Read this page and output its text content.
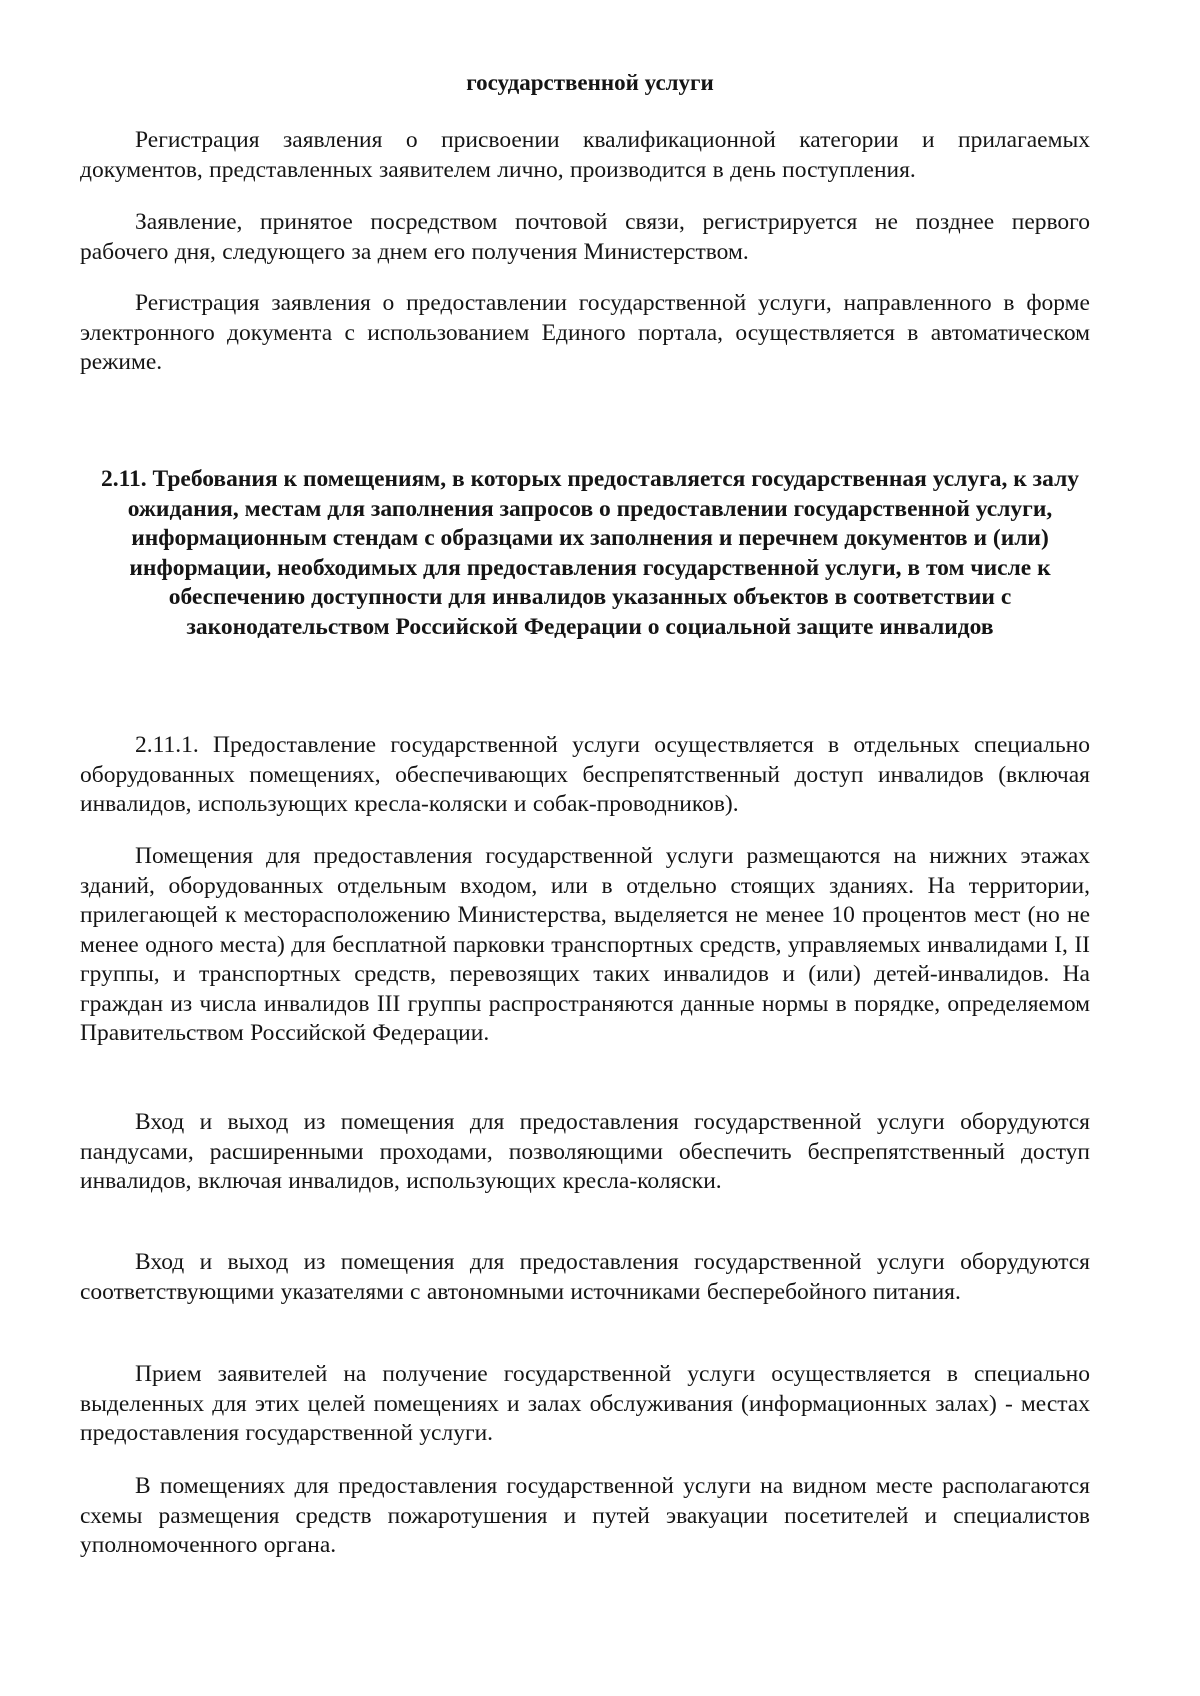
государственной услуги

Регистрация заявления о присвоении квалификационной категории и прилагаемых документов, представленных заявителем лично, производится в день поступления.

Заявление, принятое посредством почтовой связи, регистрируется не позднее первого рабочего дня, следующего за днем его получения Министерством.

Регистрация заявления о предоставлении государственной услуги, направленного в форме электронного документа с использованием Единого портала, осуществляется в автоматическом режиме.

2.11. Требования к помещениям, в которых предоставляется государственная услуга, к залу ожидания, местам для заполнения запросов о предоставлении государственной услуги, информационным стендам с образцами их заполнения и перечнем документов и (или) информации, необходимых для предоставления государственной услуги, в том числе к обеспечению доступности для инвалидов указанных объектов в соответствии с законодательством Российской Федерации о социальной защите инвалидов

2.11.1. Предоставление государственной услуги осуществляется в отдельных специально оборудованных помещениях, обеспечивающих беспрепятственный доступ инвалидов (включая инвалидов, использующих кресла-коляски и собак-проводников).

Помещения для предоставления государственной услуги размещаются на нижних этажах зданий, оборудованных отдельным входом, или в отдельно стоящих зданиях. На территории, прилегающей к месторасположению Министерства, выделяется не менее 10 процентов мест (но не менее одного места) для бесплатной парковки транспортных средств, управляемых инвалидами I, II группы, и транспортных средств, перевозящих таких инвалидов и (или) детей-инвалидов. На граждан из числа инвалидов III группы распространяются данные нормы в порядке, определяемом Правительством Российской Федерации.

Вход и выход из помещения для предоставления государственной услуги оборудуются пандусами, расширенными проходами, позволяющими обеспечить беспрепятственный доступ инвалидов, включая инвалидов, использующих кресла-коляски.

Вход и выход из помещения для предоставления государственной услуги оборудуются соответствующими указателями с автономными источниками бесперебойного питания.

Прием заявителей на получение государственной услуги осуществляется в специально выделенных для этих целей помещениях и залах обслуживания (информационных залах) - местах предоставления государственной услуги.

В помещениях для предоставления государственной услуги на видном месте располагаются схемы размещения средств пожаротушения и путей эвакуации посетителей и специалистов уполномоченного органа.
